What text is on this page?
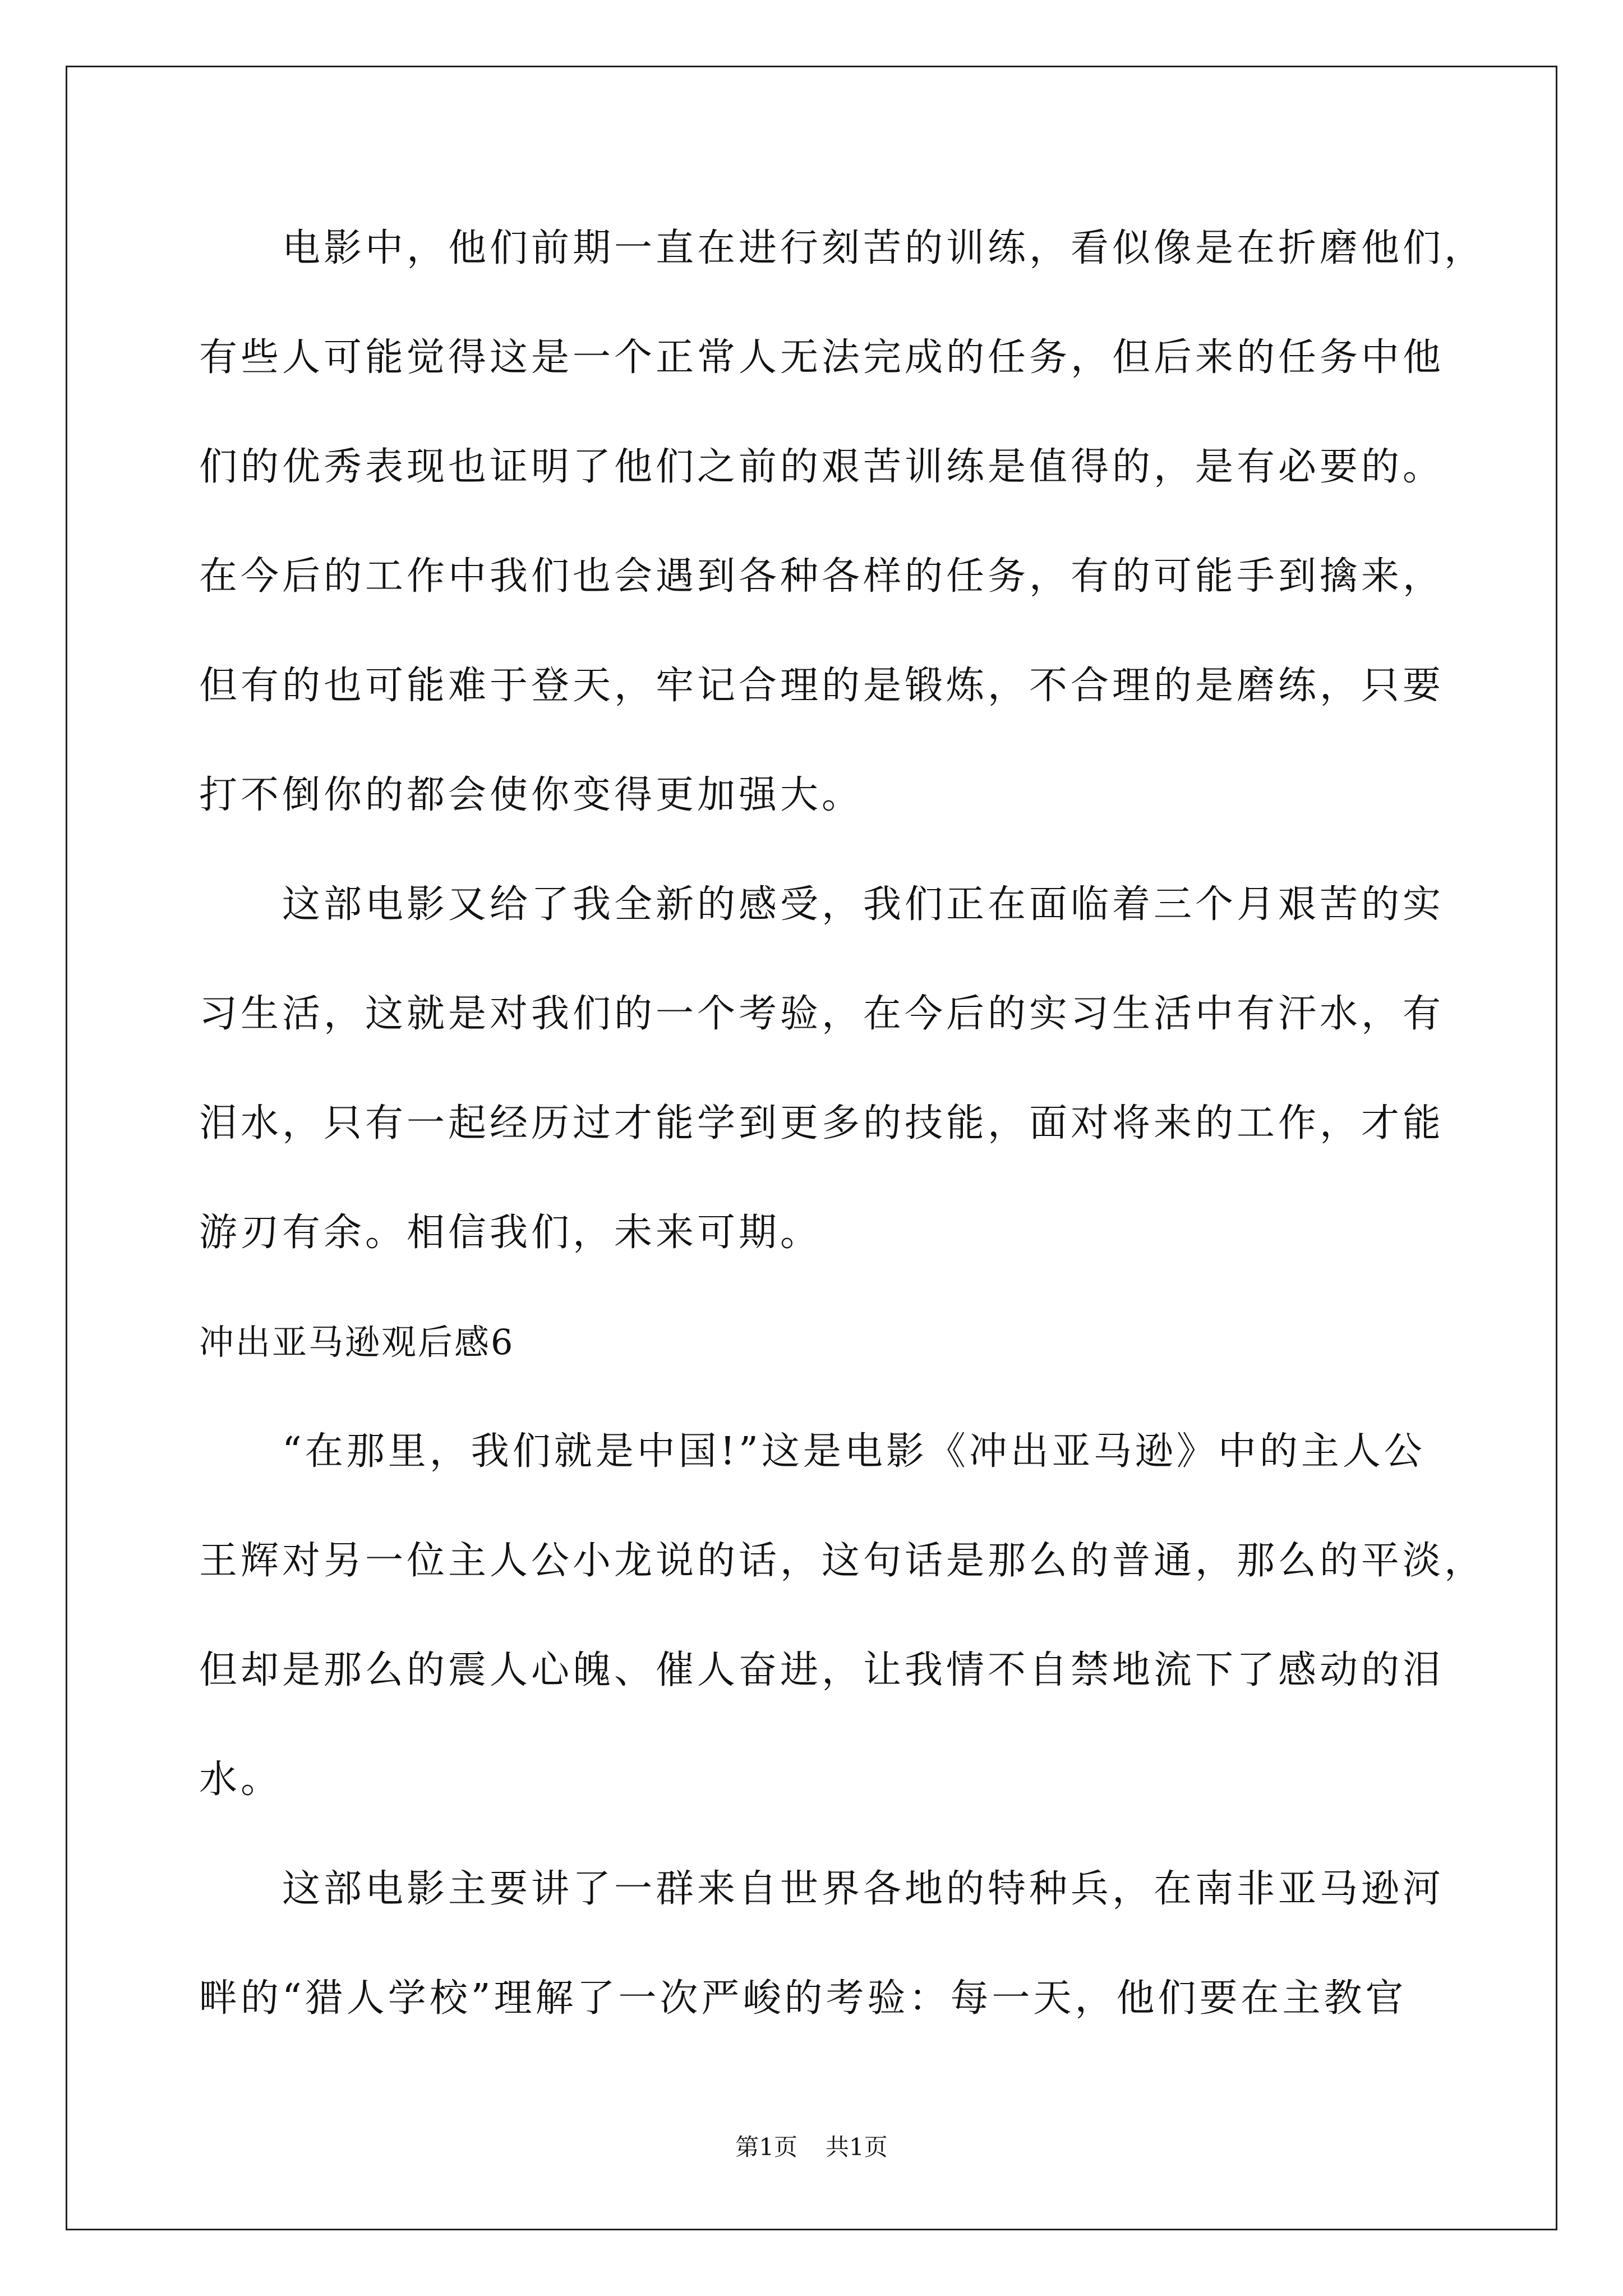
电影中，他们前期一直在进行刻苦的训练，看似像是在折磨他们，
有些人可能觉得这是一个正常人无法完成的任务，但后来的任务中他
们的优秀表现也证明了他们之前的艰苦训练是值得的，是有必要的。
在今后的工作中我们也会遇到各种各样的任务，有的可能手到擒来，
但有的也可能难于登天，牢记合理的是锻炼，不合理的是磨练，只要
打不倒你的都会使你变得更加强大。
这部电影又给了我全新的感受，我们正在面临着三个月艰苦的实
习生活，这就是对我们的一个考验，在今后的实习生活中有汗水，有
泪水，只有一起经历过才能学到更多的技能，面对将来的工作，才能
游刃有余。相信我们，未来可期。
冲出亚马逊观后感6
“在那里，我们就是中国!”这是电影《冲出亚马逊》中的主人公
王辉对另一位主人公小龙说的话，这句话是那么的普通，那么的平淡，
但却是那么的震人心魄、催人奋进，让我情不自禁地流下了感动的泪
水。
这部电影主要讲了一群来自世界各地的特种兵，在南非亚马逊河
畔的“猎人学校”理解了一次严峻的考验：每一天，他们要在主教官
第1页 共1页
